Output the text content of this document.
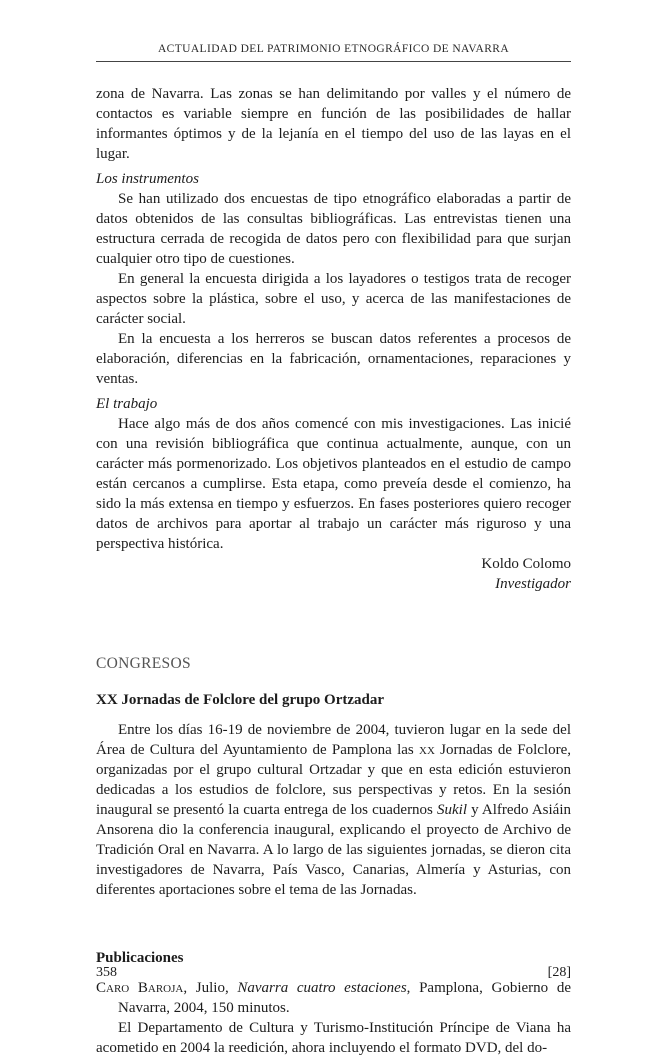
ACTUALIDAD DEL PATRIMONIO ETNOGRÁFICO DE NAVARRA

zona de Navarra. Las zonas se han delimitando por valles y el número de contactos es variable siempre en función de las posibilidades de hallar informantes óptimos y de la lejanía en el tiempo del uso de las layas en el lugar.

Los instrumentos

Se han utilizado dos encuestas de tipo etnográfico elaboradas a partir de datos obtenidos de las consultas bibliográficas. Las entrevistas tienen una estructura cerrada de recogida de datos pero con flexibilidad para que surjan cualquier otro tipo de cuestiones.

En general la encuesta dirigida a los layadores o testigos trata de recoger aspectos sobre la plástica, sobre el uso, y acerca de las manifestaciones de carácter social.

En la encuesta a los herreros se buscan datos referentes a procesos de elaboración, diferencias en la fabricación, ornamentaciones, reparaciones y ventas.

El trabajo

Hace algo más de dos años comencé con mis investigaciones. Las inicié con una revisión bibliográfica que continua actualmente, aunque, con un carácter más pormenorizado. Los objetivos planteados en el estudio de campo están cercanos a cumplirse. Esta etapa, como preveía desde el comienzo, ha sido la más extensa en tiempo y esfuerzos. En fases posteriores quiero recoger datos de archivos para aportar al trabajo un carácter más riguroso y una perspectiva histórica.

Koldo Colomo

Investigador

CONGRESOS

XX Jornadas de Folclore del grupo Ortzadar

Entre los días 16-19 de noviembre de 2004, tuvieron lugar en la sede del Área de Cultura del Ayuntamiento de Pamplona las xx Jornadas de Folclore, organizadas por el grupo cultural Ortzadar y que en esta edición estuvieron dedicadas a los estudios de folclore, sus perspectivas y retos. En la sesión inaugural se presentó la cuarta entrega de los cuadernos Sukil y Alfredo Asiáin Ansorena dio la conferencia inaugural, explicando el proyecto de Archivo de Tradición Oral en Navarra. A lo largo de las siguientes jornadas, se dieron cita investigadores de Navarra, País Vasco, Canarias, Almería y Asturias, con diferentes aportaciones sobre el tema de las Jornadas.

Publicaciones

Caro Baroja, Julio, Navarra cuatro estaciones, Pamplona, Gobierno de Navarra, 2004, 150 minutos.

El Departamento de Cultura y Turismo-Institución Príncipe de Viana ha acometido en 2004 la reedición, ahora incluyendo el formato DVD, del do-

358	[28]
